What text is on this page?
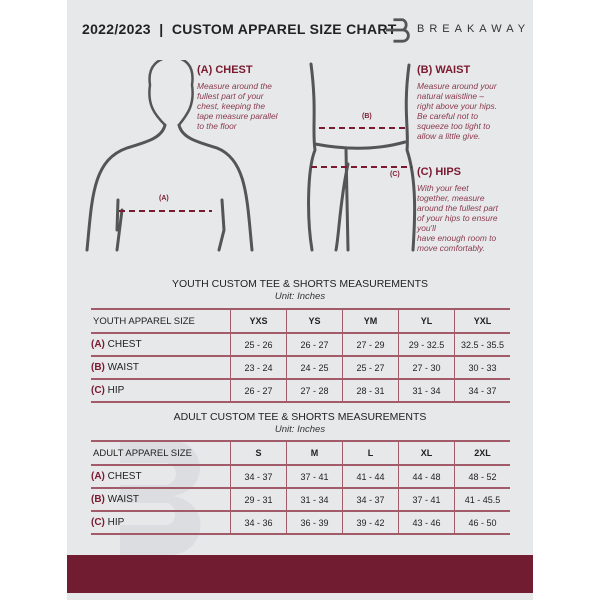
2022/2023  |  CUSTOM APPAREL SIZE CHART BREAKAWAY
(A)
(B)
(C)
(A) CHEST
Measure around the
fullest part of your
chest, keeping the
tape measure parallel
to the floor
(B) WAIST
Measure around your
natural waistline –
right above your hips.
Be careful not to
squeeze too tight to
allow a little give.
(C) HIPS
With your feet
together, measure
around the fullest part
of your hips to ensure
you'll
have enough room to
move comfortably.
YOUTH CUSTOM TEE & SHORTS MEASUREMENTS
Unit: Inches
YOUTH APPAREL SIZE	YXS	YS	YM	YL	YXL
(A) CHEST	25 - 26	26 - 27	27 - 29	29 - 32.5	32.5 - 35.5
(B) WAIST	23 - 24	24 - 25	25 - 27	27 - 30	30 - 33
(C) HIP	26 - 27	27 - 28	28 - 31	31 - 34	34 - 37
ADULT CUSTOM TEE & SHORTS MEASUREMENTS
Unit: Inches
ADULT APPAREL SIZE	S	M	L	XL	2XL
(A) CHEST	34 - 37	37 - 41	41 - 44	44 - 48	48 - 52
(B) WAIST	29 - 31	31 - 34	34 - 37	37 - 41	41 - 45.5
(C) HIP	34 - 36	36 - 39	39 - 42	43 - 46	46 - 50
